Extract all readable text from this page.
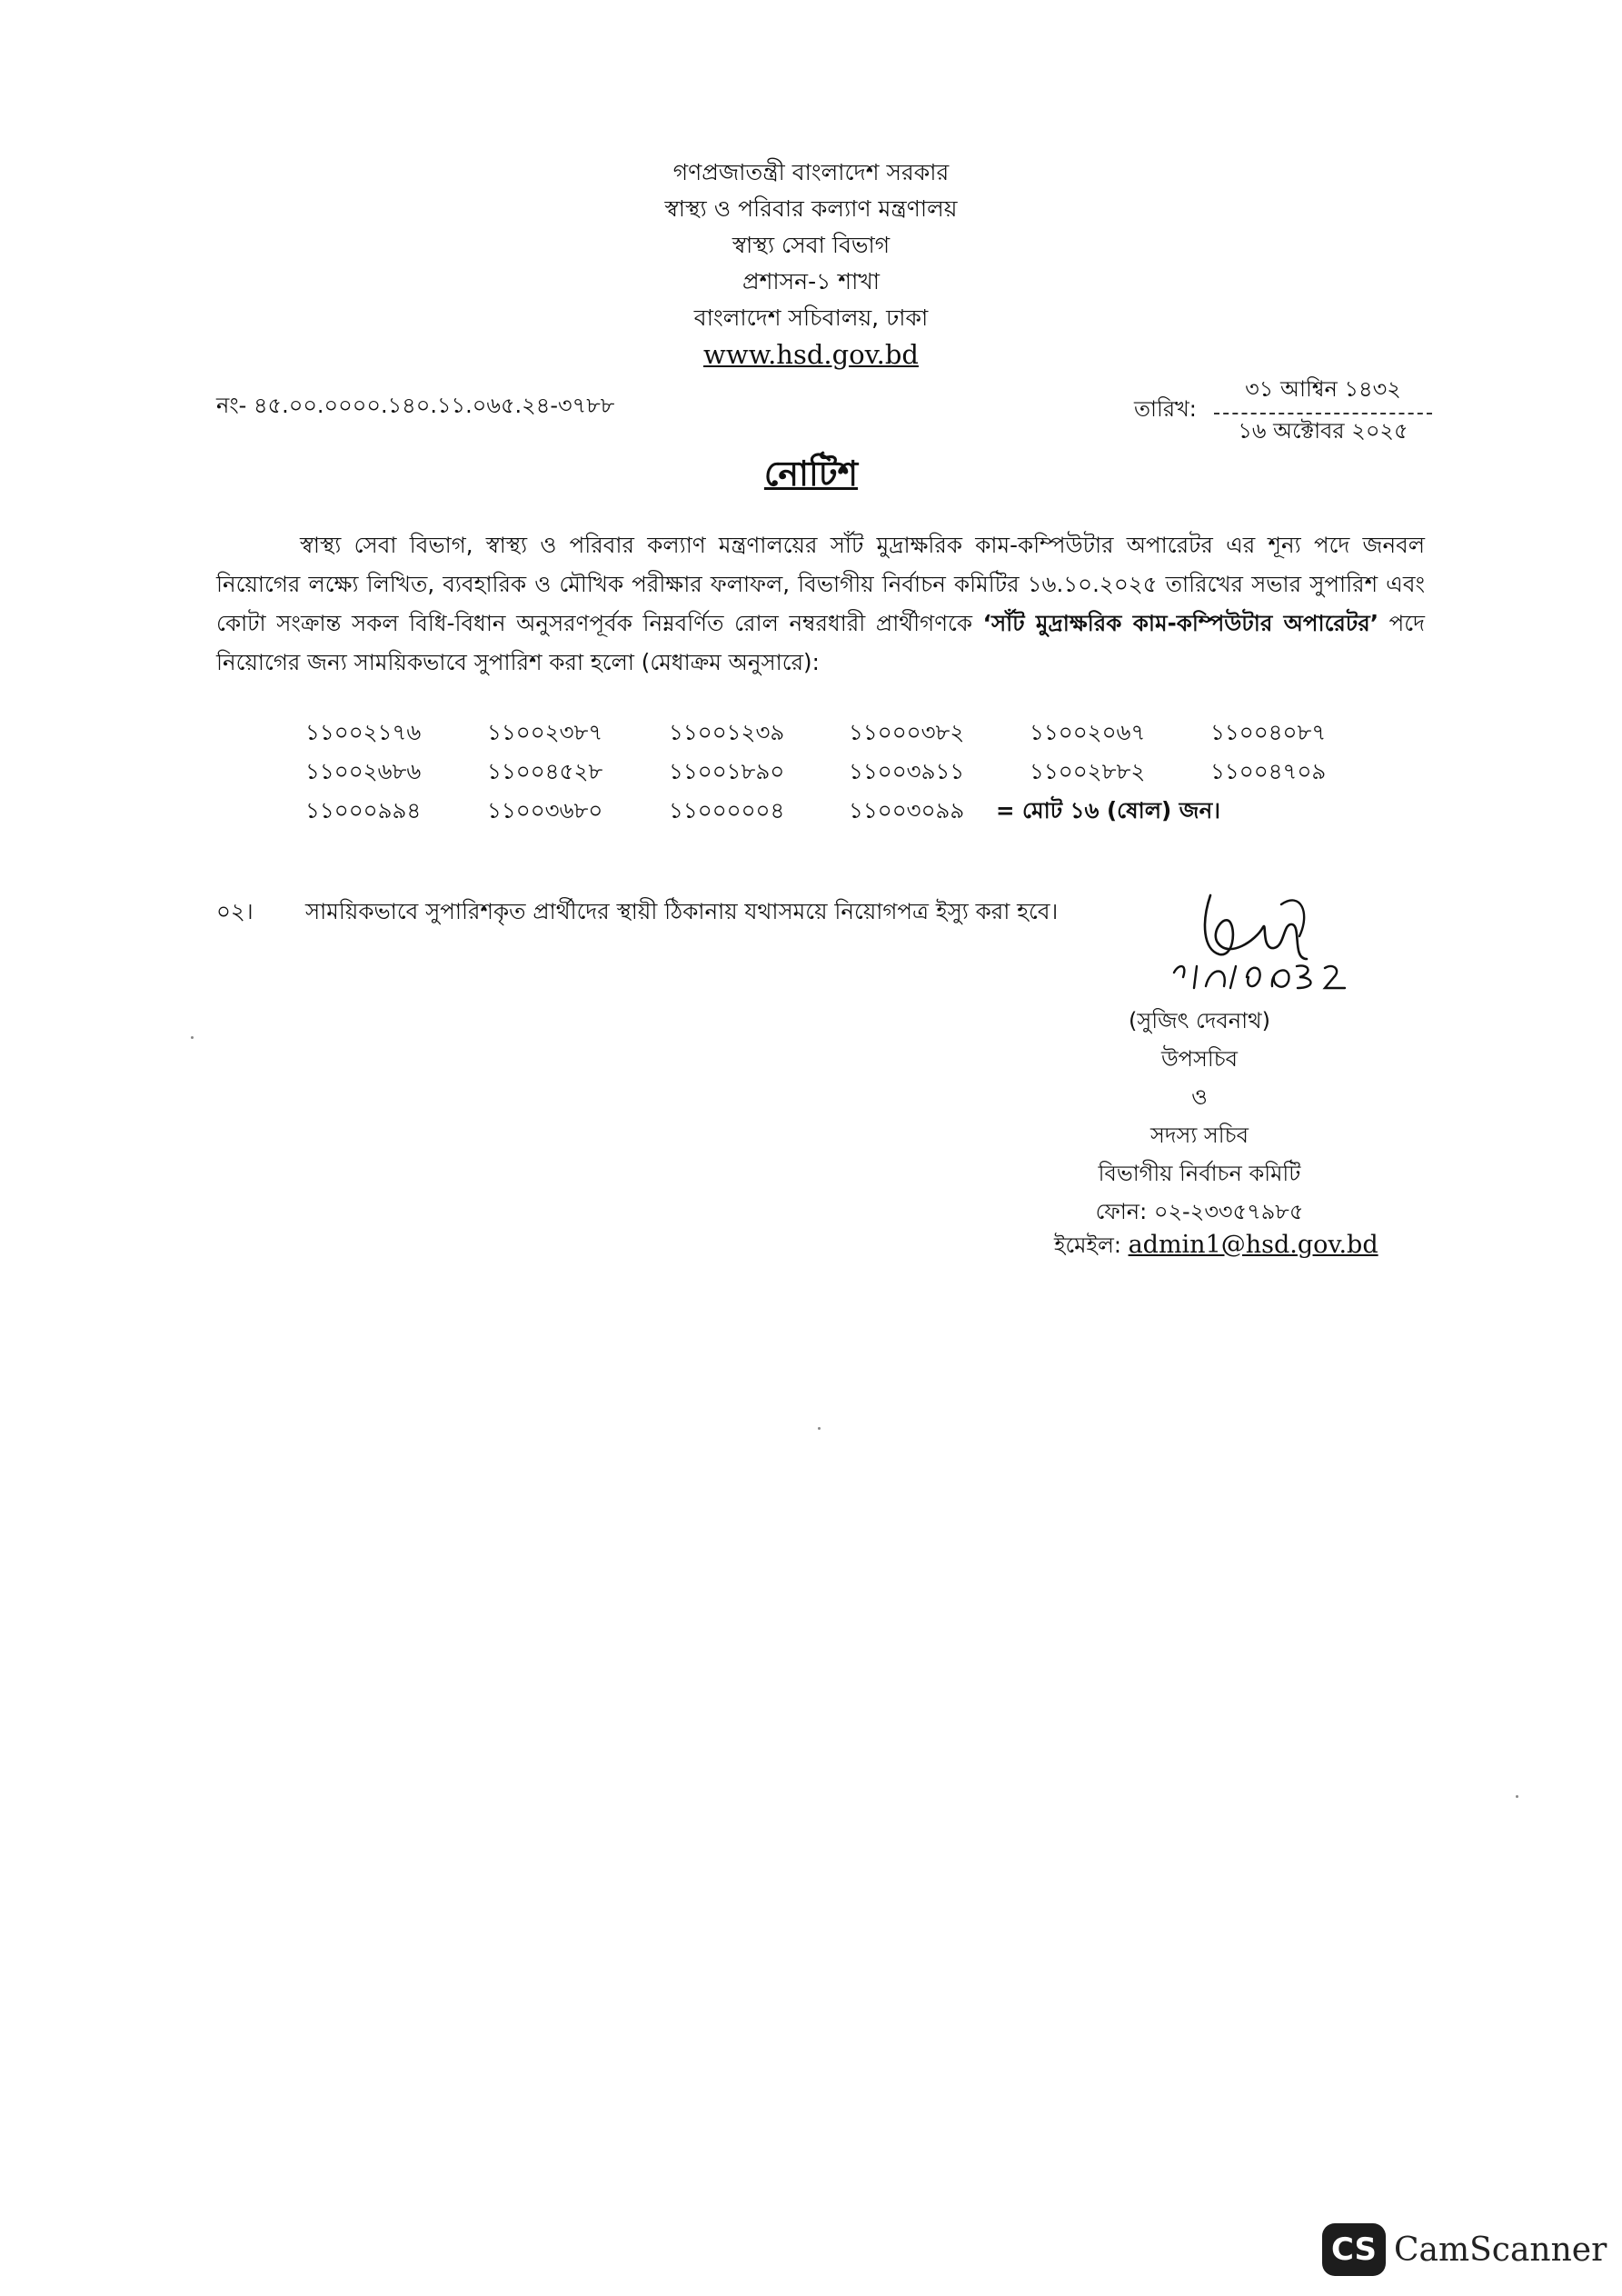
গণপ্রজাতন্ত্রী বাংলাদেশ সরকার
স্বাস্থ্য ও পরিবার কল্যাণ মন্ত্রণালয়
স্বাস্থ্য সেবা বিভাগ
প্রশাসন-১ শাখা
বাংলাদেশ সচিবালয়, ঢাকা
www.hsd.gov.bd
নং- ৪৫.০০.০০০০.১৪০.১১.০৬৫.২৪-৩৭৮৮	তারিখ:
৩১ আশ্বিন ১৪৩২
১৬ অক্টোবর ২০২৫
নোটিশ
স্বাস্থ্য সেবা বিভাগ, স্বাস্থ্য ও পরিবার কল্যাণ মন্ত্রণালয়ের সাঁট মুদ্রাক্ষরিক কাম-কম্পিউটার অপারেটর এর শূন্য পদে জনবল নিয়োগের লক্ষ্যে লিখিত, ব্যবহারিক ও মৌখিক পরীক্ষার ফলাফল, বিভাগীয় নির্বাচন কমিটির ১৬.১০.২০২৫ তারিখের সভার সুপারিশ এবং কোটা সংক্রান্ত সকল বিধি-বিধান অনুসরণপূর্বক নিম্নবর্ণিত রোল নম্বরধারী প্রার্থীগণকে ‘সাঁট মুদ্রাক্ষরিক কাম-কম্পিউটার অপারেটর’ পদে নিয়োগের জন্য সাময়িকভাবে সুপারিশ করা হলো (মেধাক্রম অনুসারে):
১১০০২১৭৬	১১০০২৩৮৭	১১০০১২৩৯	১১০০০৩৮২	১১০০২০৬৭	১১০০৪০৮৭
১১০০২৬৮৬	১১০০৪৫২৮	১১০০১৮৯০	১১০০৩৯১১	১১০০২৮৮২	১১০০৪৭০৯
১১০০০৯৯৪	১১০০৩৬৮০	১১০০০০০৪	১১০০৩০৯৯ = মোট ১৬ (ষোল) জন।
০২। সাময়িকভাবে সুপারিশকৃত প্রার্থীদের স্থায়ী ঠিকানায় যথাসময়ে নিয়োগপত্র ইস্যু করা হবে।
(সুজিৎ দেবনাথ)
উপসচিব
ও
সদস্য সচিব
বিভাগীয় নির্বাচন কমিটি
ফোন: ০২-২৩৩৫৭৯৮৫
ইমেইল: admin1@hsd.gov.bd
CS CamScanner
